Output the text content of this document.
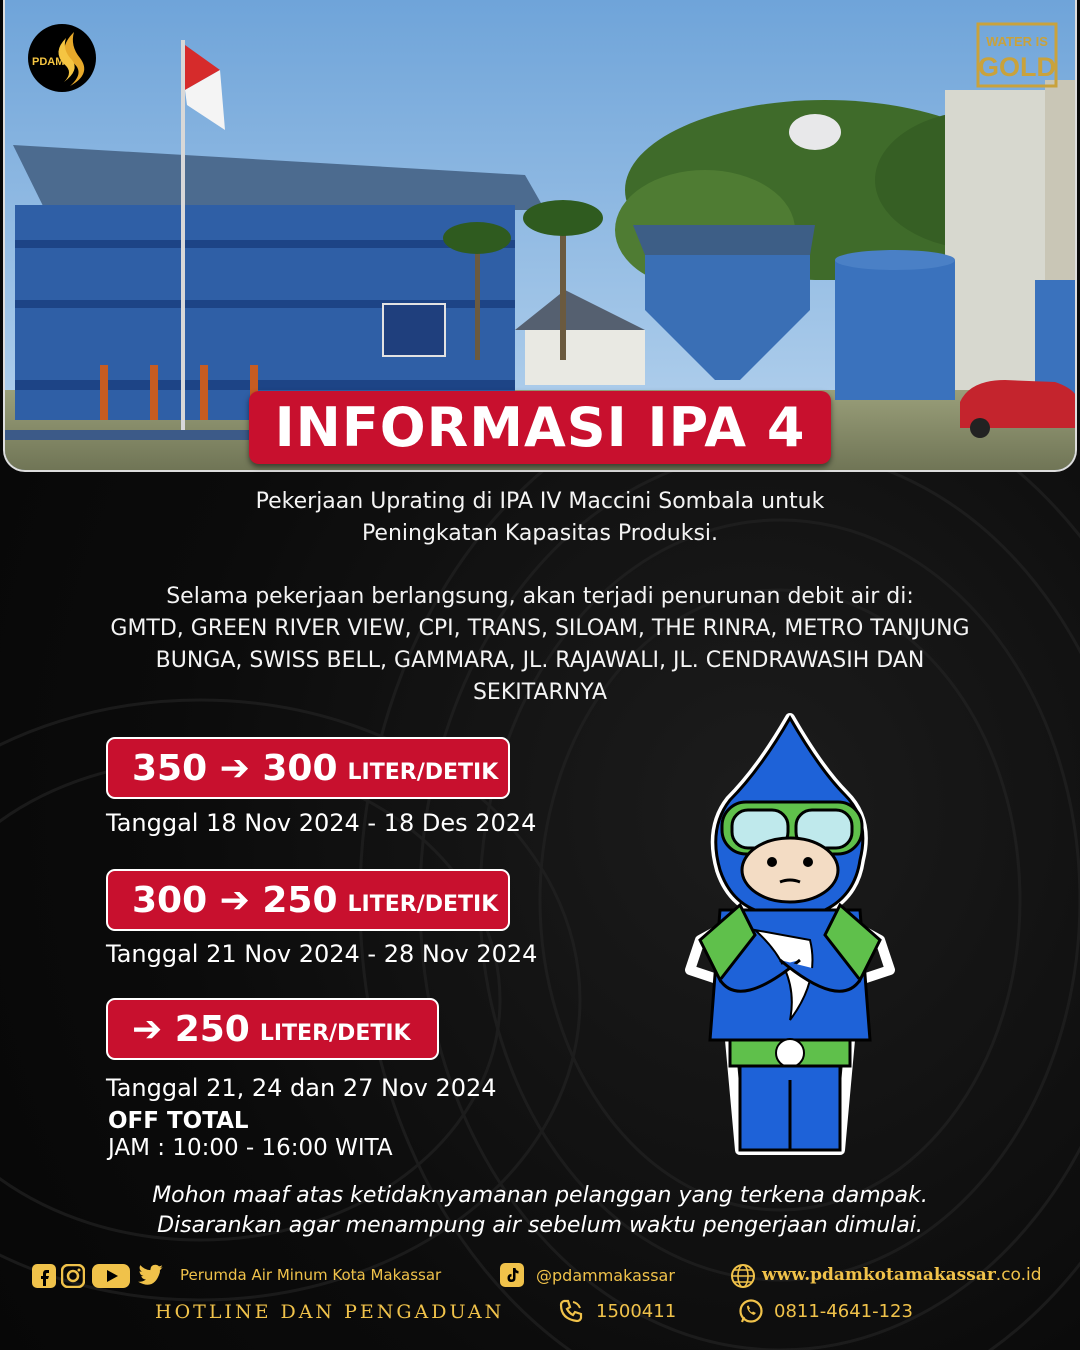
PDAM
WATER IS
GOLD
INFORMASI IPA 4
Pekerjaan Uprating di IPA IV Maccini Sombala untuk
Peningkatan Kapasitas Produksi.
Selama pekerjaan berlangsung, akan terjadi penurunan debit air di:
GMTD, GREEN RIVER VIEW, CPI, TRANS, SILOAM, THE RINRA, METRO TANJUNG
BUNGA, SWISS BELL, GAMMARA, JL. RAJAWALI, JL. CENDRAWASIH DAN
SEKITARNYA
350 ➔ 300 LITER/DETIK
Tanggal 18 Nov 2024 - 18 Des 2024
300 ➔ 250 LITER/DETIK
Tanggal 21 Nov 2024 - 28 Nov 2024
➔ 250 LITER/DETIK
Tanggal 21, 24 dan 27 Nov 2024
OFF TOTAL
JAM : 10:00 - 16:00 WITA
Mohon maaf atas ketidaknyamanan pelanggan yang terkena dampak.
Disarankan agar menampung air sebelum waktu pengerjaan dimulai.
Perumda Air Minum Kota Makassar	@pdammakassar	www.pdamkotamakassar.co.id
HOTLINE DAN PENGADUAN	1500411	0811-4641-123
